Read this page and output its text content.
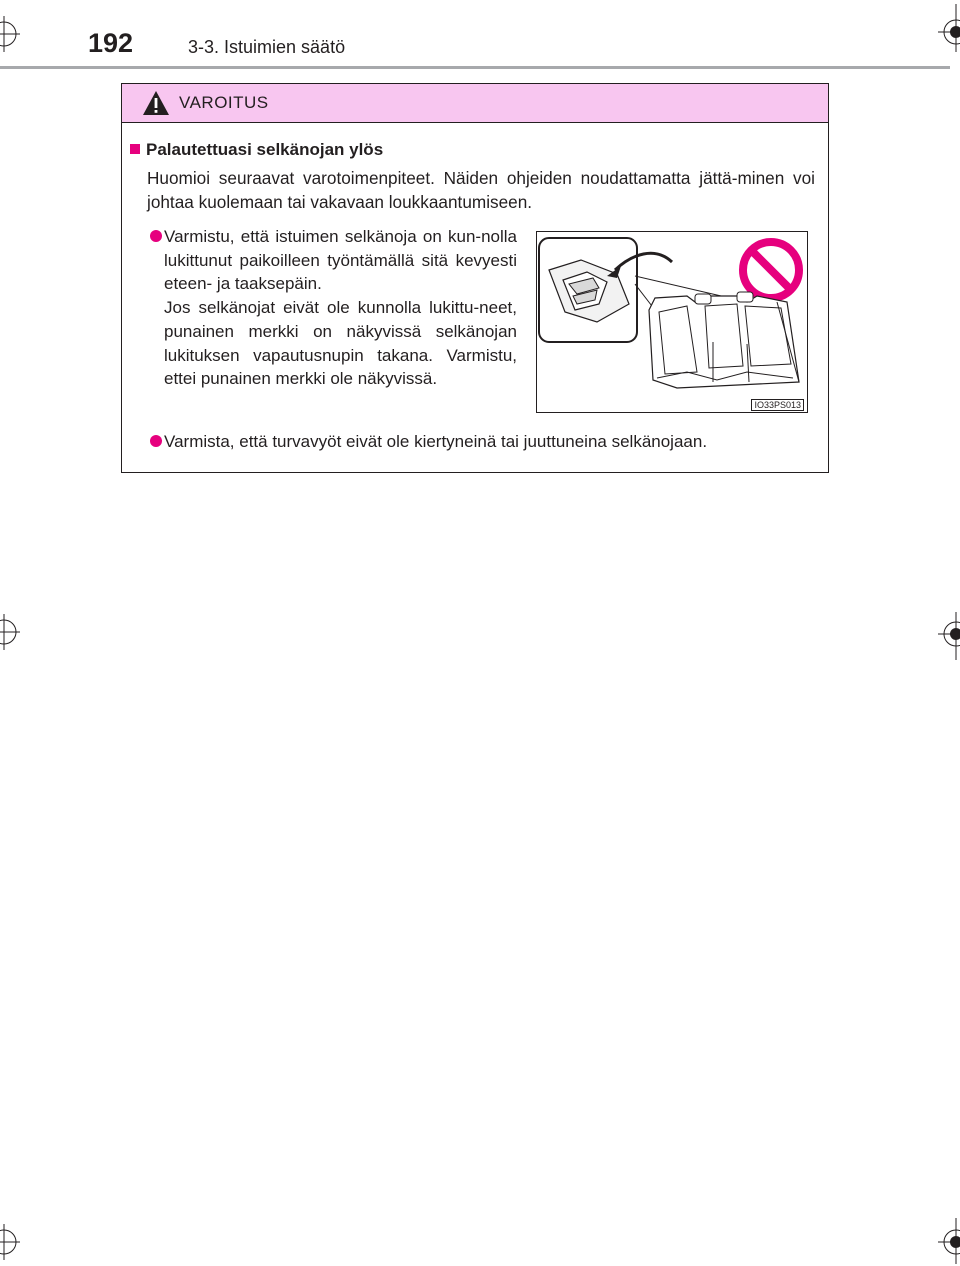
192	3-3. Istuimien säätö
VAROITUS
Palautettuasi selkänojan ylös
Huomioi seuraavat varotoimenpiteet. Näiden ohjeiden noudattamatta jättä-minen voi johtaa kuolemaan tai vakavaan loukkaantumiseen.
Varmistu, että istuimen selkänoja on kun-nolla lukittunut paikoilleen työntämällä sitä kevyesti eteen- ja taaksepäin.
Jos selkänojat eivät ole kunnolla lukittu-neet, punainen merkki on näkyvissä selkänojan lukituksen vapautusnupin takana. Varmistu, ettei punainen merkki ole näkyvissä.
IO33PS013
Varmista, että turvavyöt eivät ole kiertyneinä tai juuttuneina selkänojaan.
